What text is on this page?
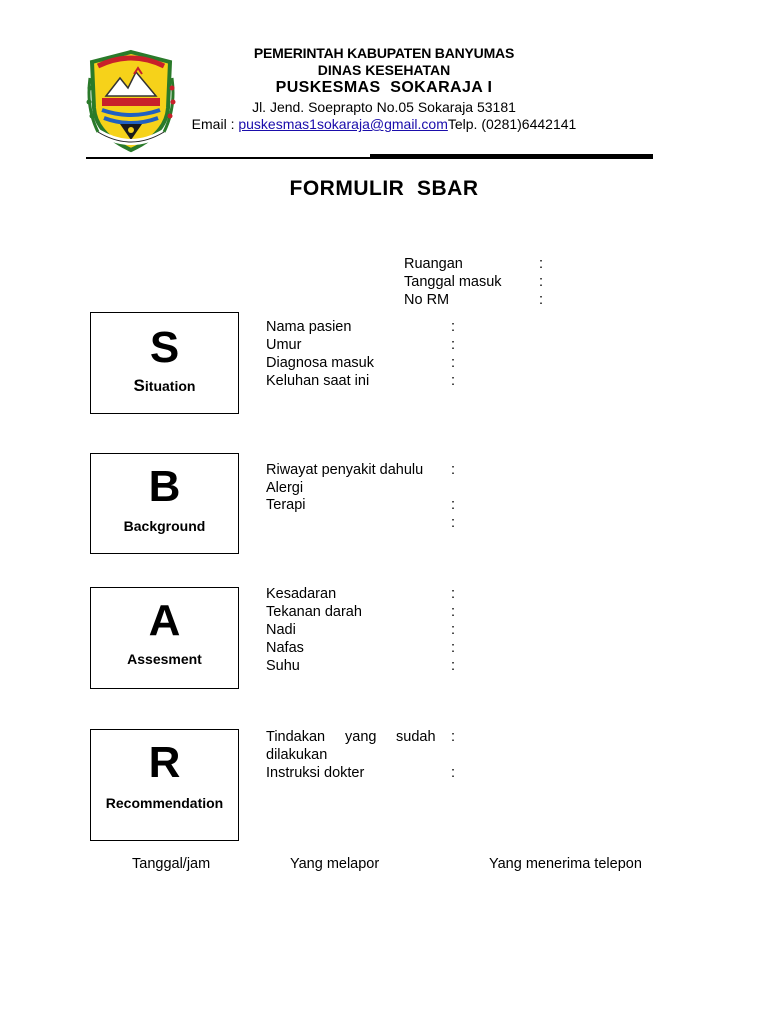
PEMERINTAH KABUPATEN BANYUMAS
DINAS KESEHATAN
PUSKESMAS  SOKARAJA I
Jl. Jend. Soeprapto No.05 Sokaraja 53181
Email : puskesmas1sokaraja@gmail.comTelp. (0281)6442141
FORMULIR  SBAR
Ruangan	:
Tanggal masuk	:
No RM	:
S
Situation
Nama pasien	:
Umur	:
Diagnosa masuk	:
Keluhan saat ini	:
B
Background
Riwayat penyakit dahulu :
Alergi
Terapi	:
:
A
Assesment
Kesadaran	:
Tekanan darah	:
Nadi	:
Nafas	:
Suhu	:
R
Recommendation
Tindakan yang sudah :
dilakukan
Instruksi dokter	:
Tanggal/jam	Yang melapor	Yang menerima telepon
